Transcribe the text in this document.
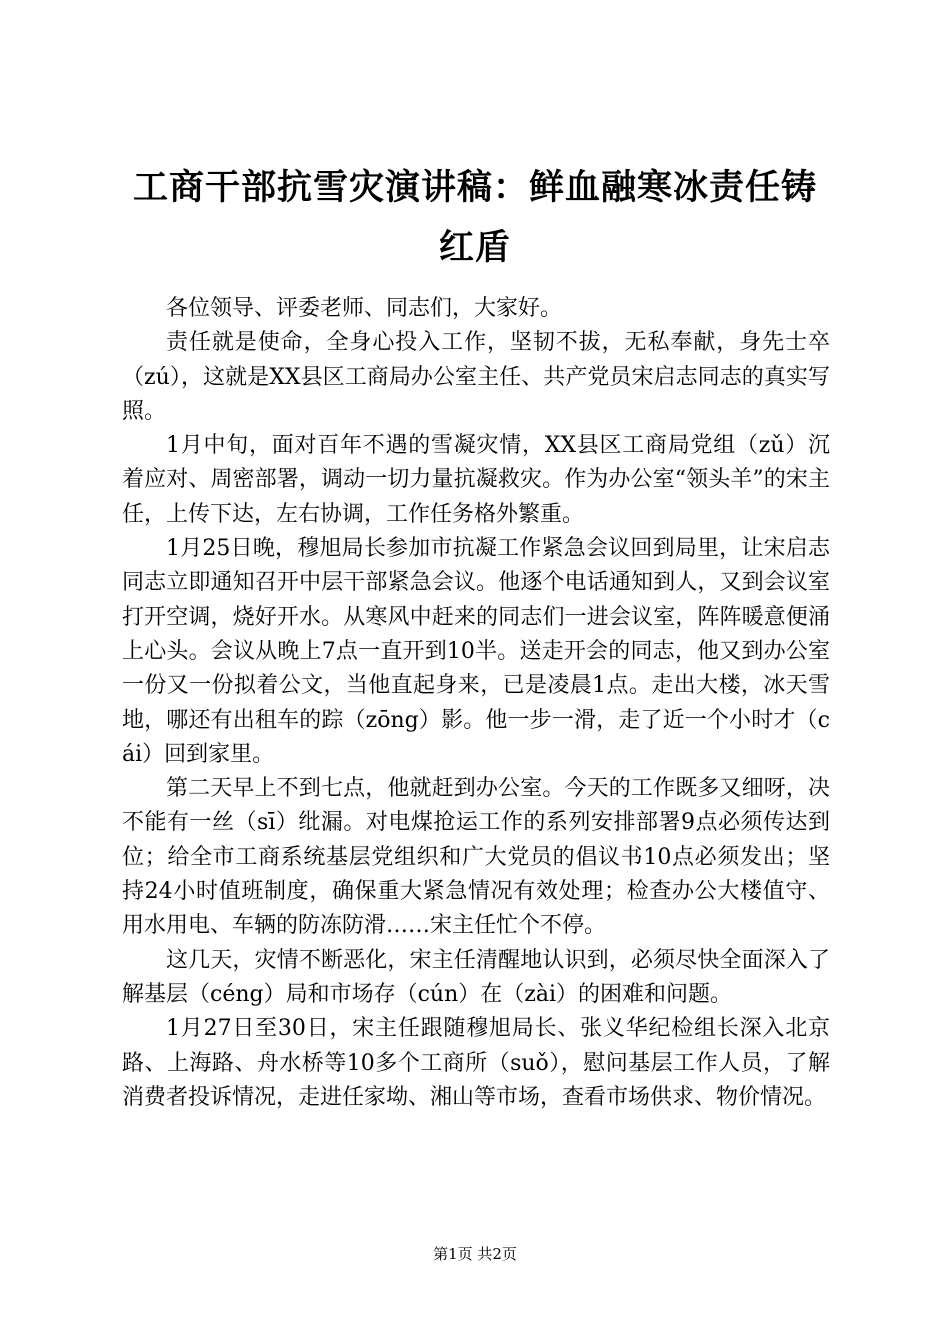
工商干部抗雪灾演讲稿：鲜血融寒冰责任铸红盾

各位领导、评委老师、同志们，大家好。

责任就是使命，全身心投入工作，坚韧不拔，无私奉献，身先士卒（zú），这就是XX县区工商局办公室主任、共产党员宋启志同志的真实写照。

1月中旬，面对百年不遇的雪凝灾情，XX县区工商局党组（zǔ）沉着应对、周密部署，调动一切力量抗凝救灾。作为办公室“领头羊”的宋主任，上传下达，左右协调，工作任务格外繁重。

1月25日晚，穆旭局长参加市抗凝工作紧急会议回到局里，让宋启志同志立即通知召开中层干部紧急会议。他逐个电话通知到人，又到会议室打开空调，烧好开水。从寒风中赶来的同志们一进会议室，阵阵暖意便涌上心头。会议从晚上7点一直开到10半。送走开会的同志，他又到办公室一份又一份拟着公文，当他直起身来，已是凌晨1点。走出大楼，冰天雪地，哪还有出租车的踪（zōng）影。他一步一滑，走了近一个小时才（cái）回到家里。

第二天早上不到七点，他就赶到办公室。今天的工作既多又细呀，决不能有一丝（sī）纰漏。对电煤抢运工作的系列安排部署9点必须传达到位；给全市工商系统基层党组织和广大党员的倡议书10点必须发出；坚持24小时值班制度，确保重大紧急情况有效处理；检查办公大楼值守、用水用电、车辆的防冻防滑……宋主任忙个不停。

这几天，灾情不断恶化，宋主任清醒地认识到，必须尽快全面深入了解基层（céng）局和市场存（cún）在（zài）的困难和问题。

1月27日至30日，宋主任跟随穆旭局长、张义华纪检组长深入北京路、上海路、舟水桥等10多个工商所（suǒ），慰问基层工作人员，了解消费者投诉情况，走进任家坳、湘山等市场，查看市场供求、物价情况。

第1页 共2页
